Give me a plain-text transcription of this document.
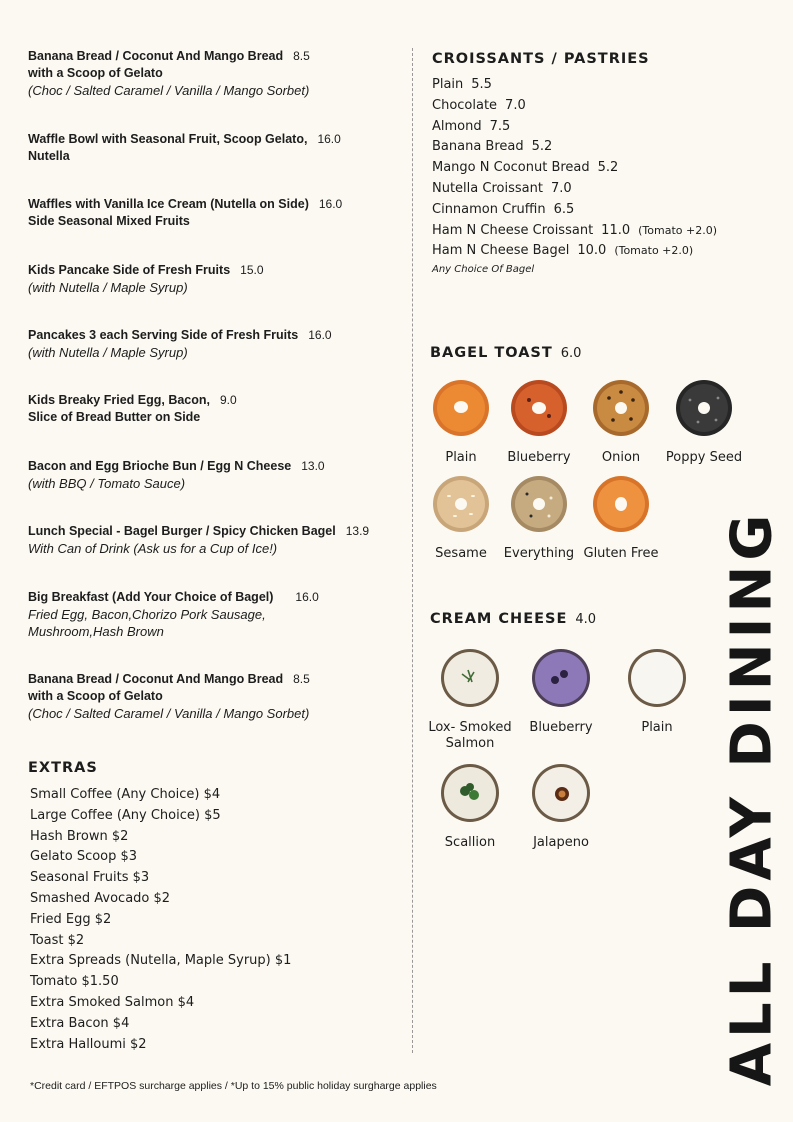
Banana Bread / Coconut And Mango Bread 8.5
with a Scoop of Gelato
(Choc / Salted Caramel / Vanilla / Mango Sorbet)
Waffle Bowl with Seasonal Fruit, Scoop Gelato, 16.0
Nutella
Waffles with Vanilla Ice Cream (Nutella on Side) 16.0
Side Seasonal Mixed Fruits
Kids Pancake Side of Fresh Fruits 15.0
(with Nutella / Maple Syrup)
Pancakes 3 each Serving Side of Fresh Fruits 16.0
(with Nutella / Maple Syrup)
Kids Breaky Fried Egg, Bacon, 9.0
Slice of Bread Butter on Side
Bacon and Egg Brioche Bun / Egg N Cheese 13.0
(with BBQ / Tomato Sauce)
Lunch Special - Bagel Burger / Spicy Chicken Bagel 13.9
With Can of Drink (Ask us for a Cup of Ice!)
Big Breakfast (Add Your Choice of Bagel) 16.0
Fried Egg, Bacon,Chorizo Pork Sausage,
Mushroom,Hash Brown
Banana Bread / Coconut And Mango Bread 8.5
with a Scoop of Gelato
(Choc / Salted Caramel / Vanilla / Mango Sorbet)
EXTRAS
Small Coffee (Any Choice) $4
Large Coffee (Any Choice) $5
Hash Brown $2
Gelato Scoop $3
Seasonal Fruits $3
Smashed Avocado $2
Fried Egg $2
Toast $2
Extra Spreads (Nutella, Maple Syrup) $1
Tomato $1.50
Extra Smoked Salmon $4
Extra Bacon $4
Extra Halloumi $2
CROISSANTS / PASTRIES
Plain 5.5
Chocolate 7.0
Almond 7.5
Banana Bread 5.2
Mango N Coconut Bread 5.2
Nutella Croissant 7.0
Cinnamon Cruffin 6.5
Ham N Cheese Croissant 11.0 (Tomato +2.0)
Ham N Cheese Bagel 10.0 (Tomato +2.0)
Any Choice Of Bagel
BAGEL TOAST 6.0
Plain	Blueberry	Onion	Poppy Seed
Sesame	Everything Gluten Free
CREAM CHEESE 4.0
Lox- Smoked
Salmon
Blueberry	Plain
Scallion	Jalapeno	ALL DAY DINING
*Credit card / EFTPOS surcharge applies / *Up to 15% public holiday surgharge applies
